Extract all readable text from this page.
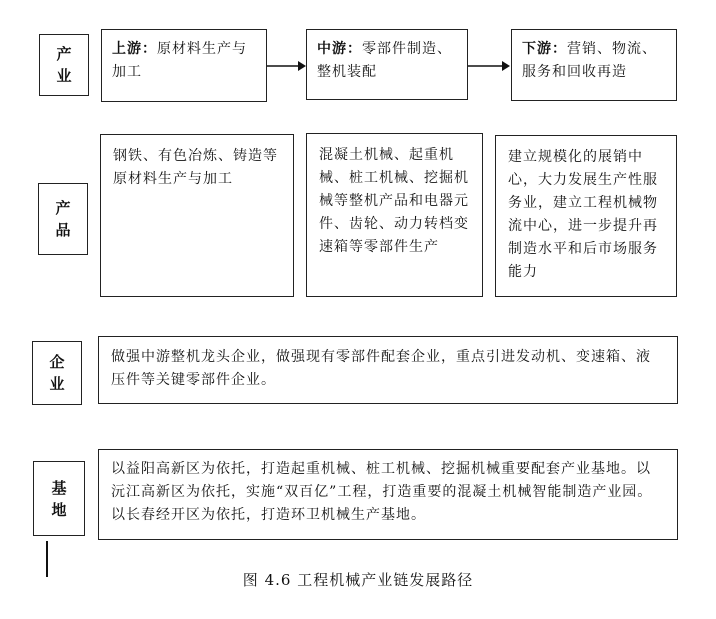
产
业
上游：原材料生产与加工
中游：零部件制造、整机装配
下游：营销、物流、服务和回收再造
产
品
钢铁、有色冶炼、铸造等原材料生产与加工
混凝土机械、起重机械、桩工机械、挖掘机械等整机产品和电器元件、齿轮、动力转档变速箱等零部件生产
建立规模化的展销中心，大力发展生产性服务业，建立工程机械物流中心，进一步提升再制造水平和后市场服务能力
企
业
做强中游整机龙头企业，做强现有零部件配套企业，重点引进发动机、变速箱、液压件等关键零部件企业。
基
地
以益阳高新区为依托，打造起重机械、桩工机械、挖掘机械重要配套产业基地。以沅江高新区为依托，实施“双百亿”工程，打造重要的混凝土机械智能制造产业园。以长春经开区为依托，打造环卫机械生产基地。
图 4.6 工程机械产业链发展路径
